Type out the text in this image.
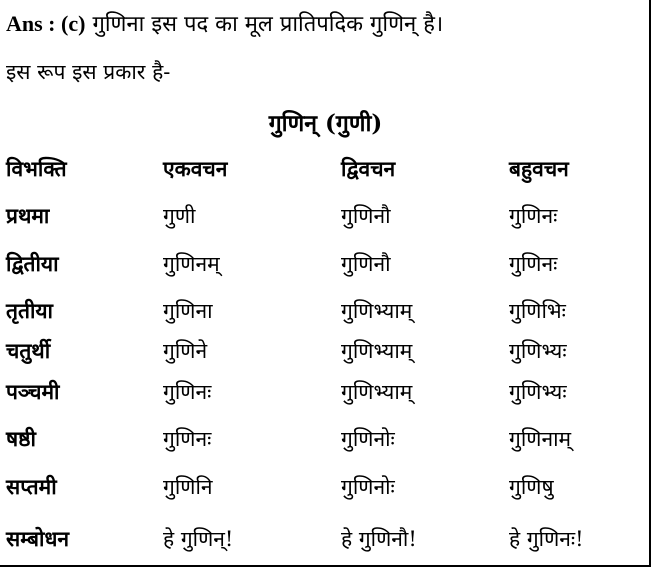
Ans : (c) गुणिना इस पद का मूल प्रातिपदिक गुणिन् है।
इस रूप इस प्रकार है-
गुणिन् (गुणी)
विभक्ति	एकवचन	द्विवचन	बहुवचन
प्रथमा	गुणी	गुणिनौ	गुणिनः
द्वितीया	गुणिनम्	गुणिनौ	गुणिनः
तृतीया	गुणिना	गुणिभ्याम्	गुणिभिः
चतुर्थी	गुणिने	गुणिभ्याम्	गुणिभ्यः
पञ्चमी	गुणिनः	गुणिभ्याम्	गुणिभ्यः
षष्ठी	गुणिनः	गुणिनोः	गुणिनाम्
सप्तमी	गुणिनि	गुणिनोः	गुणिषु
सम्बोधन	हे गुणिन्!	हे गुणिनौ!	हे गुणिनः!
